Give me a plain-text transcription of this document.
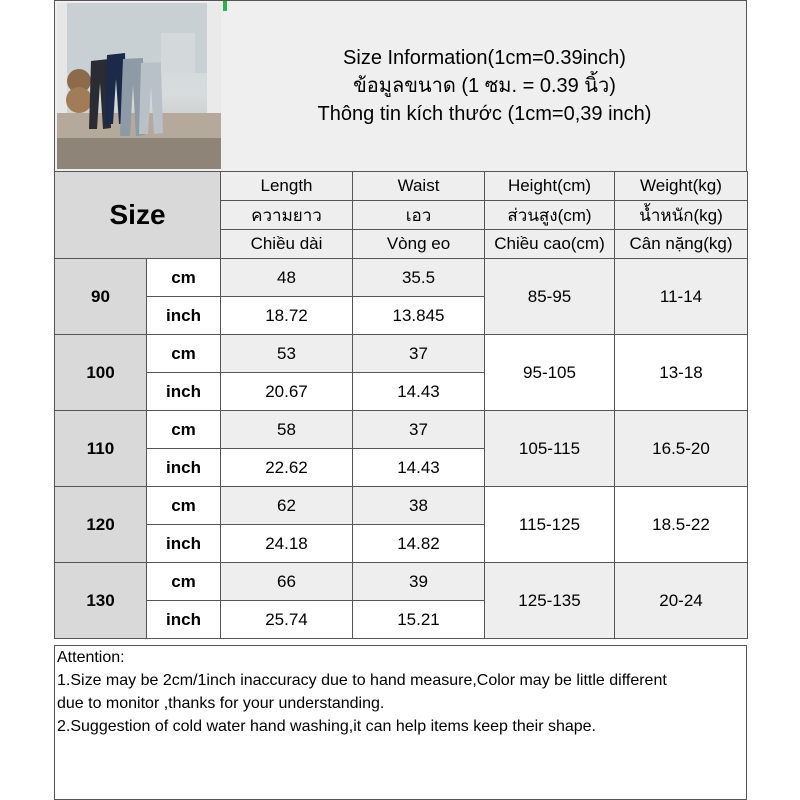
Size Information(1cm=0.39inch)
ข้อมูลขนาด (1 ซม. = 0.39 นิ้ว)
Thông tin kích thước (1cm=0,39 inch)
Size		Length	Waist	Height(cm)	Weight(kg)
		ความยาว	เอว	ส่วนสูง(cm)	น้ำหนัก(kg)
		Chiều dài	Vòng eo	Chiều cao(cm)	Cân nặng(kg)
90	cm	48	35.5	85-95	11-14
	inch	18.72	13.845		
100	cm	53	37	95-105	13-18
	inch	20.67	14.43		
110	cm	58	37	105-115	16.5-20
	inch	22.62	14.43		
120	cm	62	38	115-125	18.5-22
	inch	24.18	14.82		
130	cm	66	39	125-135	20-24
	inch	25.74	15.21		
Attention:
1.Size may be 2cm/1inch inaccuracy due to hand measure,Color may be little different
due to monitor ,thanks for your understanding.
2.Suggestion of cold water hand washing,it can help items keep their shape.
